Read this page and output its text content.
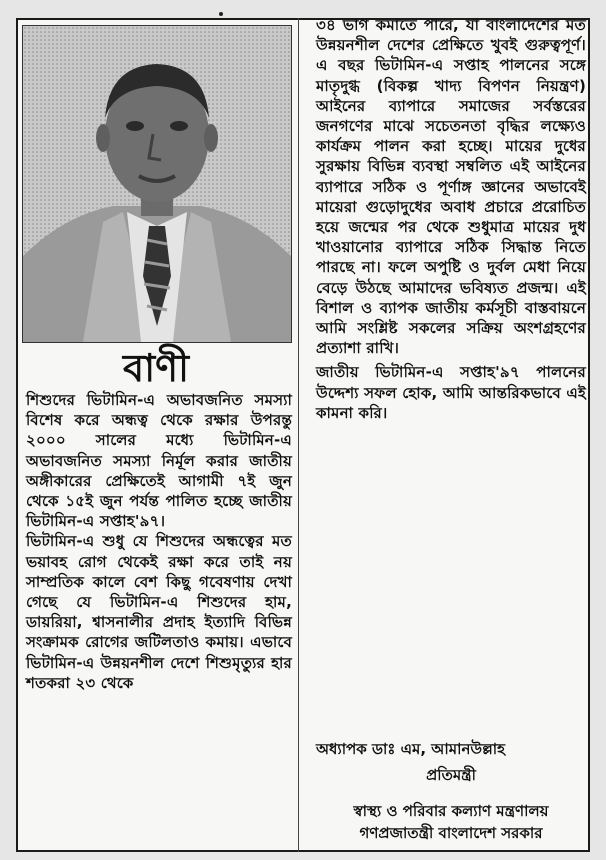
বাণী

শিশুদের ভিটামিন-এ অভাবজনিত সমস্যা বিশেষ করে অন্ধত্ব থেকে রক্ষার উপরন্তু ২০০০ সালের মধ্যে ভিটামিন-এ অভাবজনিত সমস্যা নির্মূল করার জাতীয় অঙ্গীকারের প্রেক্ষিতেই আগামী ৭ই জুন থেকে ১৫ই জুন পর্যন্ত পালিত হচ্ছে জাতীয় ভিটামিন-এ সপ্তাহ'৯৭।

ভিটামিন-এ শুধু যে শিশুদের অন্ধত্বের মত ভয়াবহ রোগ থেকেই রক্ষা করে তাই নয় সাম্প্রতিক কালে বেশ কিছু গবেষণায় দেখা গেছে যে ভিটামিন-এ শিশুদের হাম, ডায়রিয়া, শ্বাসনালীর প্রদাহ ইত্যাদি বিভিন্ন সংক্রামক রোগের জটিলতাও কমায়। এভাবে ভিটামিন-এ উন্নয়নশীল দেশে শিশুমৃত্যুর হার শতকরা ২৩ থেকে

৩৪ ভাগ কমাতে পারে, যা বাংলাদেশের মত উন্নয়নশীল দেশের প্রেক্ষিতে খুবই গুরুত্বপূর্ণ। এ বছর ভিটামিন-এ সপ্তাহ পালনের সঙ্গে মাতৃদুগ্ধ (বিকল্প খাদ্য বিপণন নিয়ন্ত্রণ) আইনের ব্যাপারে সমাজের সর্বস্তরের জনগণের মাঝে সচেতনতা বৃদ্ধির লক্ষ্যেও কার্যক্রম পালন করা হচ্ছে। মায়ের দুধের সুরক্ষায় বিভিন্ন ব্যবস্থা সম্বলিত এই আইনের ব্যাপারে সঠিক ও পূর্ণাঙ্গ জ্ঞানের অভাবেই মায়েরা গুড়োদুধের অবাধ প্রচারে প্ররোচিত হয়ে জন্মের পর থেকে শুধুমাত্র মায়ের দুধ খাওয়ানোর ব্যাপারে সঠিক সিদ্ধান্ত নিতে পারছে না। ফলে অপুষ্টি ও দুর্বল মেধা নিয়ে বেড়ে উঠছে আমাদের ভবিষ্যত প্রজন্ম। এই বিশাল ও ব্যাপক জাতীয় কর্মসূচী বাস্তবায়নে আমি সংশ্লিষ্ট সকলের সক্রিয় অংশগ্রহণের প্রত্যাশা রাখি।

জাতীয় ভিটামিন-এ সপ্তাহ'৯৭ পালনের উদ্দেশ্য সফল হোক, আমি আন্তরিকভাবে এই কামনা করি।

অধ্যাপক ডাঃ এম, আমানউল্লাহ
প্রতিমন্ত্রী
স্বাস্থ্য ও পরিবার কল্যাণ মন্ত্রণালয়
গণপ্রজাতন্ত্রী বাংলাদেশ সরকার
